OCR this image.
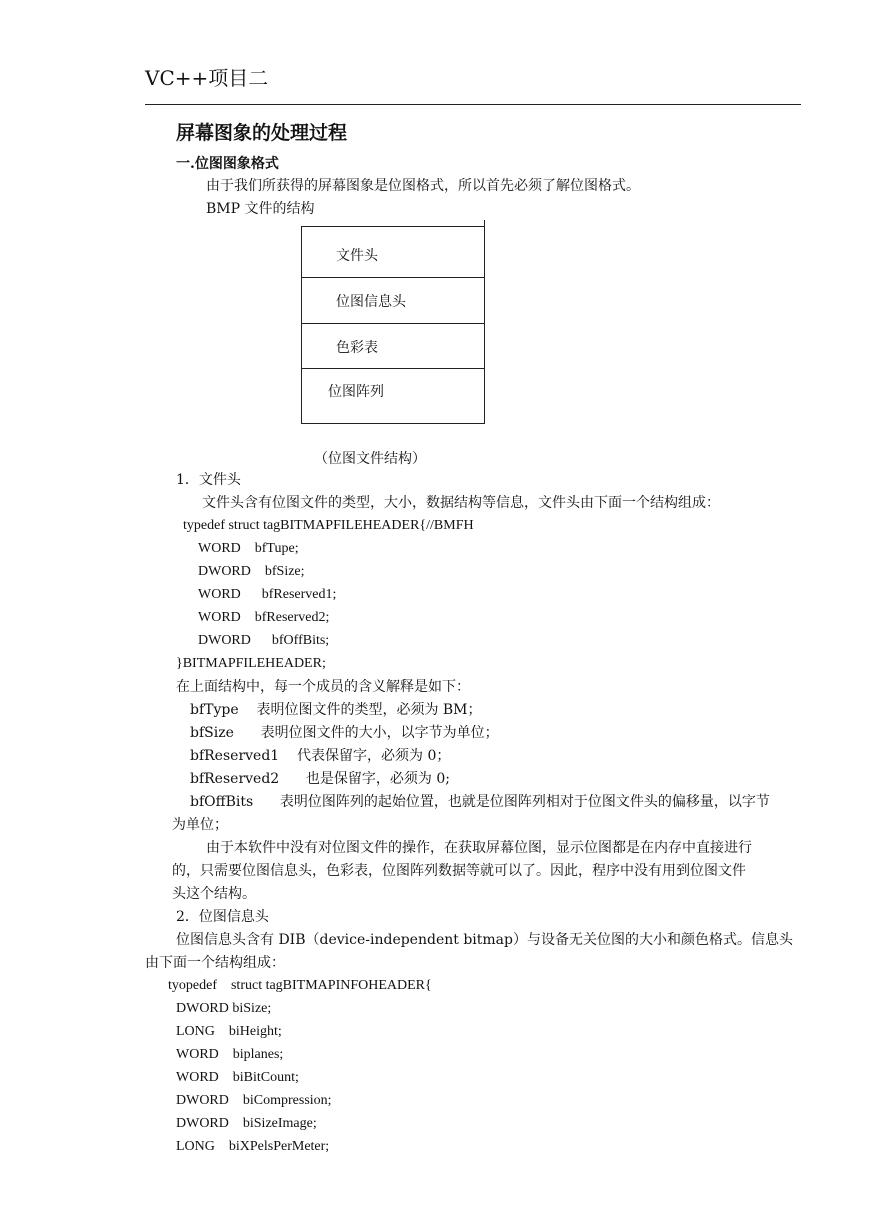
VC++项目二
屏幕图象的处理过程
一.位图图象格式
由于我们所获得的屏幕图象是位图格式，所以首先必须了解位图格式。
BMP 文件的结构
文件头
位图信息头
色彩表
位图阵列
（位图文件结构）
1．文件头
文件头含有位图文件的类型，大小，数据结构等信息，文件头由下面一个结构组成：
typedef struct tagBITMAPFILEHEADER{//BMFH
WORD    bfTupe;
DWORD    bfSize;
WORD      bfReserved1;
WORD    bfReserved2;
DWORD      bfOffBits;
}BITMAPFILEHEADER;
在上面结构中，每一个成员的含义解释是如下：
bfType    表明位图文件的类型，必须为 BM；
bfSize      表明位图文件的大小，以字节为单位；
bfReserved1    代表保留字，必须为 0；
bfReserved2      也是保留字，必须为 0;
bfOffBits      表明位图阵列的起始位置，也就是位图阵列相对于位图文件头的偏移量，以字节
为单位；
由于本软件中没有对位图文件的操作，在获取屏幕位图，显示位图都是在内存中直接进行
的，只需要位图信息头，色彩表，位图阵列数据等就可以了。因此，程序中没有用到位图文件
头这个结构。
2．位图信息头
位图信息头含有 DIB（device-independent bitmap）与设备无关位图的大小和颜色格式。信息头
由下面一个结构组成：
tyopedef    struct tagBITMAPINFOHEADER{
DWORD biSize;
LONG    biHeight;
WORD    biplanes;
WORD    biBitCount;
DWORD    biCompression;
DWORD    biSizeImage;
LONG    biXPelsPerMeter;
